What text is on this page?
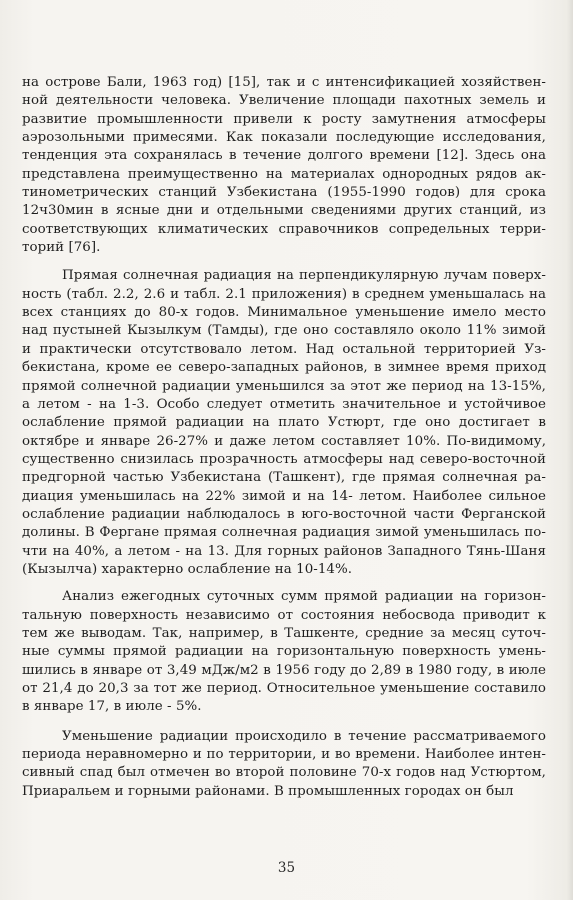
на острове Бали, 1963 год) [15], так и с интенсификацией хозяйствен-ной деятельности человека. Увеличение площади пахотных земель и развитие промышленности привели к росту замутнения атмосферы аэрозольными примесями. Как показали последующие исследования, тенденция эта сохранялась в течение долгого времени [12]. Здесь она представлена преимущественно на материалах однородных рядов ак-тинометрических станций Узбекистана (1955-1990 годов) для срока 12ч30мин в ясные дни и отдельными сведениями других станций, из соответствующих климатических справочников сопредельных терри-торий [76].

Прямая солнечная радиация на перпендикулярную лучам поверх-ность (табл. 2.2, 2.6 и табл. 2.1 приложения) в среднем уменьшалась на всех станциях до 80-х годов. Минимальное уменьшение имело место над пустыней Кызылкум (Тамды), где оно составляло около 11% зимой и практически отсутствовало летом. Над остальной территорией Уз-бекистана, кроме ее северо-западных районов, в зимнее время приход прямой солнечной радиации уменьшился за этот же период на 13-15%, а летом - на 1-3. Особо следует отметить значительное и устойчивое ослабление прямой радиации на плато Устюрт, где оно достигает в октябре и январе 26-27% и даже летом составляет 10%. По-видимому, существенно снизилась прозрачность атмосферы над северо-восточной предгорной частью Узбекистана (Ташкент), где прямая солнечная ра-диация уменьшилась на 22% зимой и на 14- летом. Наиболее сильное ослабление радиации наблюдалось в юго-восточной части Ферганской долины. В Фергане прямая солнечная радиация зимой уменьшилась по-чти на 40%, а летом - на 13. Для горных районов Западного Тянь-Шаня (Кызылча) характерно ослабление на 10-14%.

Анализ ежегодных суточных сумм прямой радиации на горизон-тальную поверхность независимо от состояния небосвода приводит к тем же выводам. Так, например, в Ташкенте, средние за месяц суточ-ные суммы прямой радиации на горизонтальную поверхность умень-шились в январе от 3,49 мДж/м2 в 1956 году до 2,89 в 1980 году, в июле от 21,4 до 20,3 за тот же период. Относительное уменьшение составило в январе 17, в июле - 5%.

Уменьшение радиации происходило в течение рассматриваемого периода неравномерно и по территории, и во времени. Наиболее интен-сивный спад был отмечен во второй половине 70-х годов над Устюртом, Приаральем и горными районами. В промышленных городах он был

35
